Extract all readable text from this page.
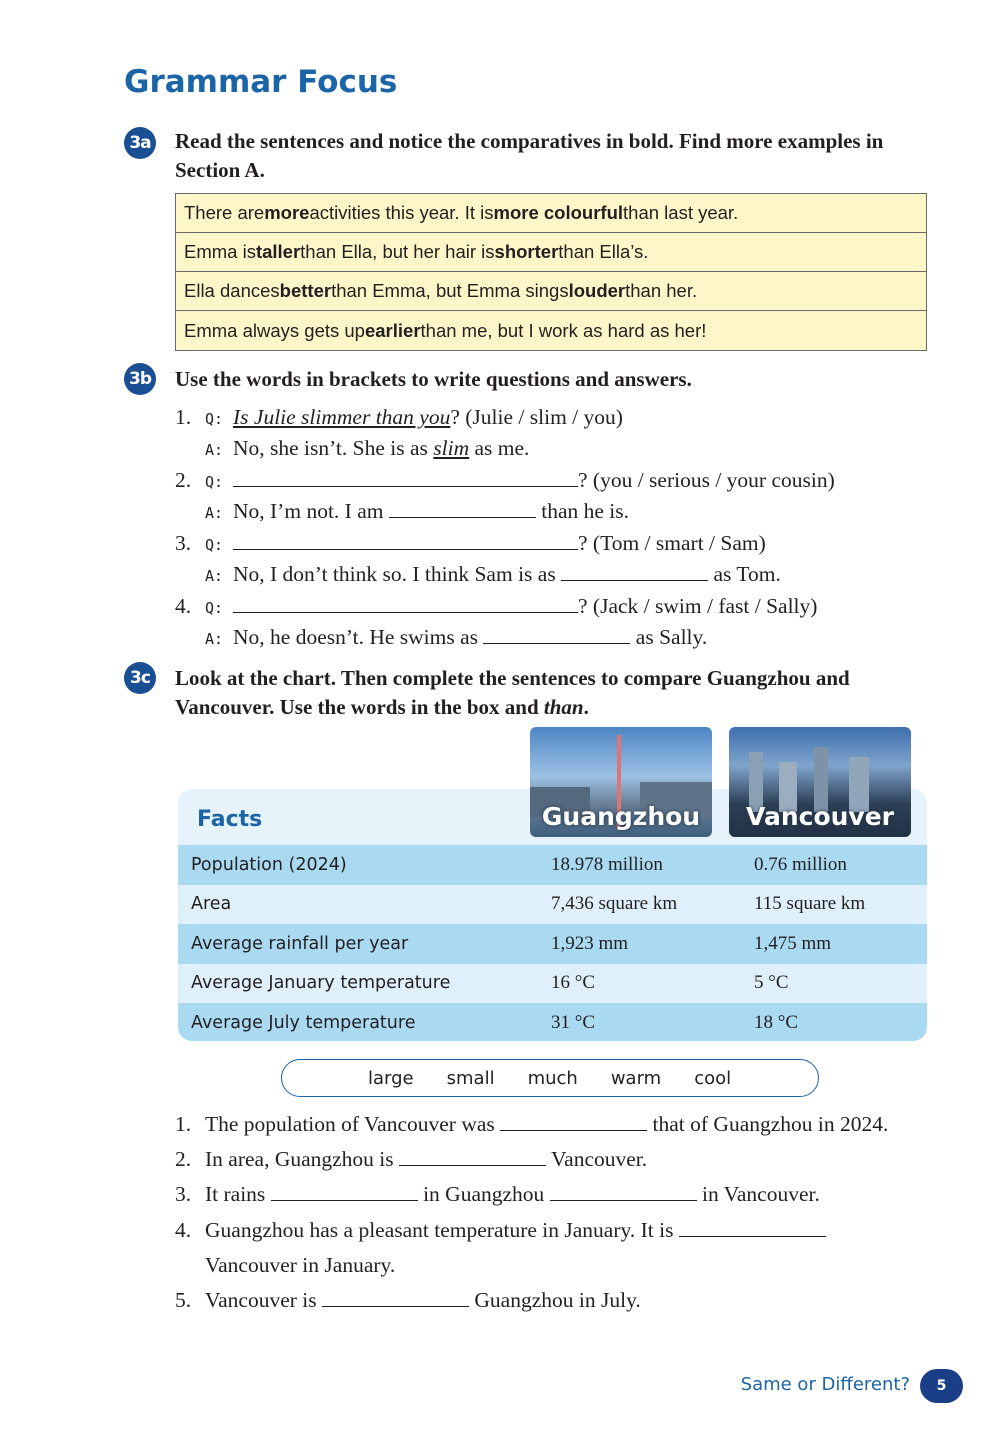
Grammar Focus
3a Read the sentences and notice the comparatives in bold. Find more examples in Section A.
There are more activities this year. It is more colourful than last year.
Emma is taller than Ella, but her hair is shorter than Ella’s.
Ella dances better than Emma, but Emma sings louder than her.
Emma always gets up earlier than me, but I work as hard as her!
3b Use the words in brackets to write questions and answers.
1. Q: Is Julie slimmer than you? (Julie / slim / you)
A: No, she isn’t. She is as slim as me.
2. Q:	? (you / serious / your cousin)
A: No, I’m not. I am	than he is.
3. Q:	? (Tom / smart / Sam)
A: No, I don’t think so. I think Sam is as	as Tom.
4. Q:	? (Jack / swim / fast / Sally)
A: No, he doesn’t. He swims as	as Sally.
3c Look at the chart. Then complete the sentences to compare Guangzhou and Vancouver. Use the words in the box and than.
Facts
Population (2024)	18.978 million	0.76 million
Area	7,436 square km	115 square km
Average rainfall per year	1,923 mm	1,475 mm
Average January temperature	16 °C	5 °C
Average July temperature	31 °C	18 °C
Guangzhou	Vancouver
large small much warm cool
1. The population of Vancouver was	that of Guangzhou in 2024.
2. In area, Guangzhou is	Vancouver.
3. It rains	in Guangzhou	in Vancouver.
4. Guangzhou has a pleasant temperature in January. It is
Vancouver in January.
5. Vancouver is	Guangzhou in July.
Same or Different?	5
